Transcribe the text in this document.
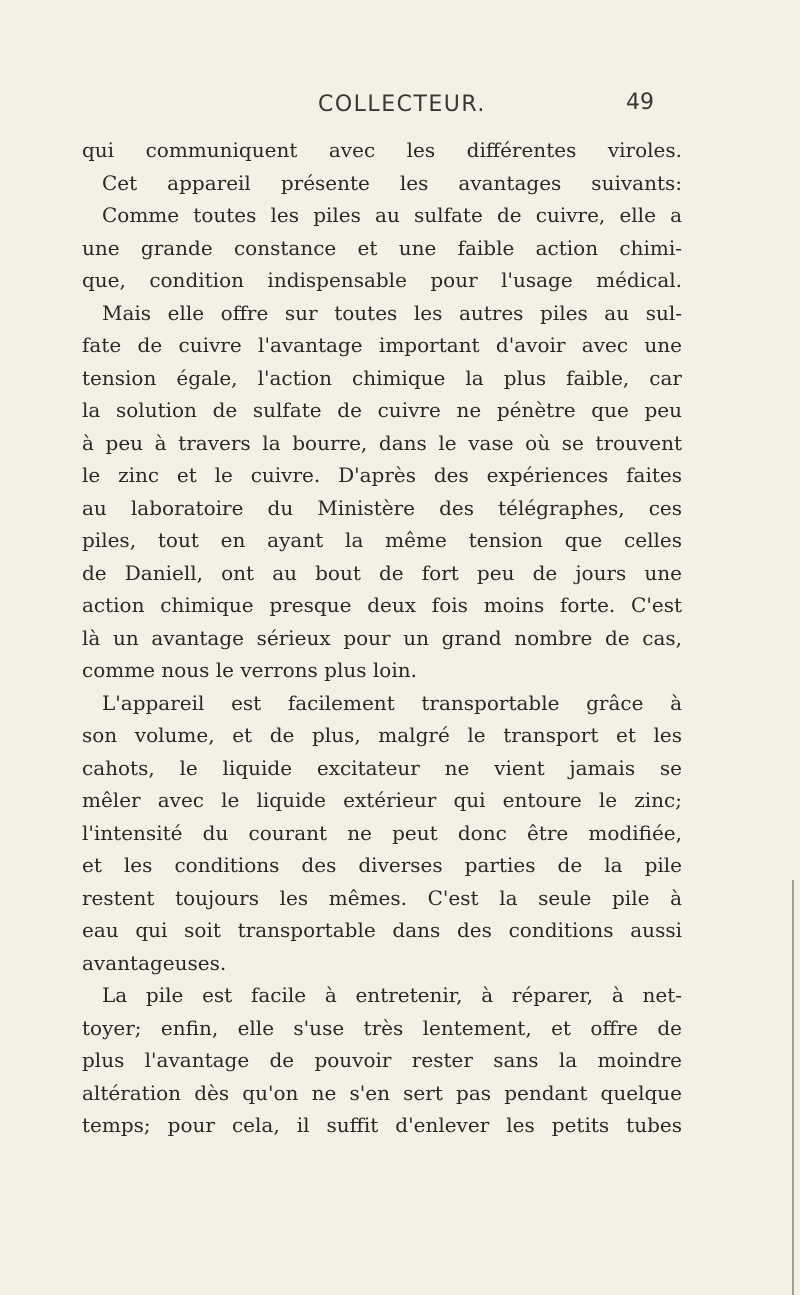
COLLECTEUR.	49
qui communiquent avec les différentes viroles.
Cet appareil présente les avantages suivants:
Comme toutes les piles au sulfate de cuivre, elle a
une grande constance et une faible action chimi-
que, condition indispensable pour l'usage médical.
Mais elle offre sur toutes les autres piles au sul-
fate de cuivre l'avantage important d'avoir avec une
tension égale, l'action chimique la plus faible, car
la solution de sulfate de cuivre ne pénètre que peu
à peu à travers la bourre, dans le vase où se trouvent
le zinc et le cuivre. D'après des expériences faites
au laboratoire du Ministère des télégraphes, ces
piles, tout en ayant la même tension que celles
de Daniell, ont au bout de fort peu de jours une
action chimique presque deux fois moins forte. C'est
là un avantage sérieux pour un grand nombre de cas,
comme nous le verrons plus loin.
L'appareil est facilement transportable grâce à
son volume, et de plus, malgré le transport et les
cahots, le liquide excitateur ne vient jamais se
mêler avec le liquide extérieur qui entoure le zinc;
l'intensité du courant ne peut donc être modifiée,
et les conditions des diverses parties de la pile
restent toujours les mêmes. C'est la seule pile à
eau qui soit transportable dans des conditions aussi
avantageuses.
La pile est facile à entretenir, à réparer, à net-
toyer; enfin, elle s'use très lentement, et offre de
plus l'avantage de pouvoir rester sans la moindre
altération dès qu'on ne s'en sert pas pendant quelque
temps; pour cela, il suffit d'enlever les petits tubes
